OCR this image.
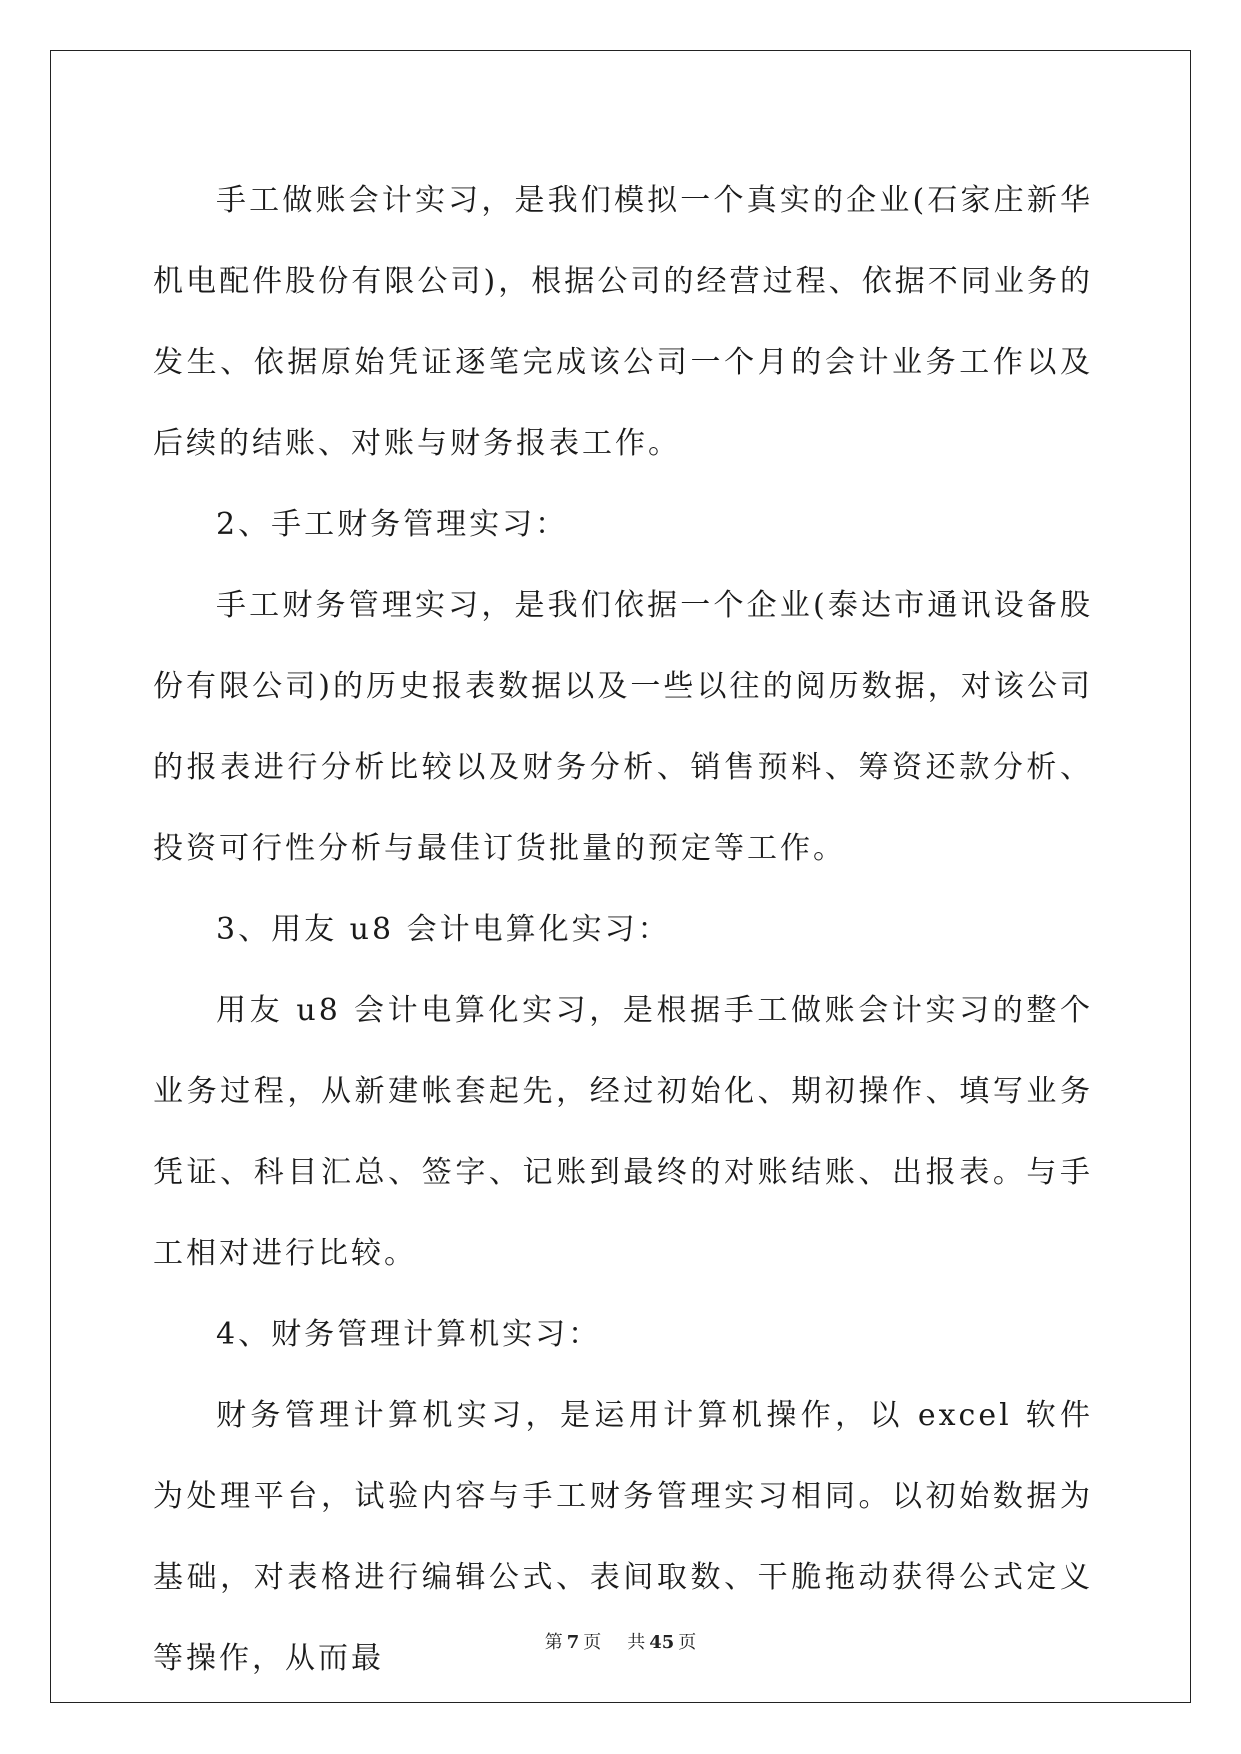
手工做账会计实习，是我们模拟一个真实的企业(石家庄新华机电配件股份有限公司)，根据公司的经营过程、依据不同业务的发生、依据原始凭证逐笔完成该公司一个月的会计业务工作以及后续的结账、对账与财务报表工作。

2、手工财务管理实习：

手工财务管理实习，是我们依据一个企业(泰达市通讯设备股份有限公司)的历史报表数据以及一些以往的阅历数据，对该公司的报表进行分析比较以及财务分析、销售预料、筹资还款分析、投资可行性分析与最佳订货批量的预定等工作。

3、用友 u8 会计电算化实习：

用友 u8 会计电算化实习，是根据手工做账会计实习的整个业务过程，从新建帐套起先，经过初始化、期初操作、填写业务凭证、科目汇总、签字、记账到最终的对账结账、出报表。与手工相对进行比较。

4、财务管理计算机实习：

财务管理计算机实习，是运用计算机操作，以 excel 软件为处理平台，试验内容与手工财务管理实习相同。以初始数据为基础，对表格进行编辑公式、表间取数、干脆拖动获得公式定义等操作，从而最	第 7 页 共 45 页
